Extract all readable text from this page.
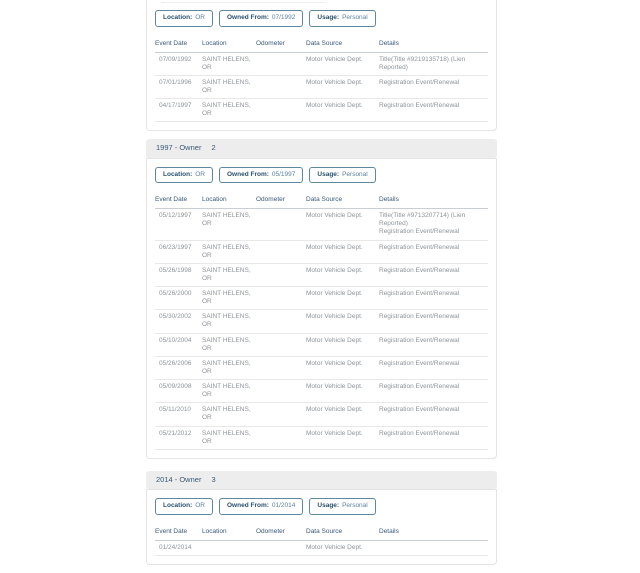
Location: OR	Owned From: 07/1992	Usage: Personal
Event Date	Location	Odometer	Data Source	Details
07/09/1992	SAINT HELENS,
OR		Motor Vehicle Dept.	Title(Title #9219135718) (Lien Reported)

07/01/1996	SAINT HELENS,
OR		Motor Vehicle Dept.	Registration Event/Renewal

04/17/1997	SAINT HELENS,
OR		Motor Vehicle Dept.	Registration Event/Renewal
1997 - Owner 2
Location: OR	Owned From: 05/1997	Usage: Personal
Event Date	Location	Odometer	Data Source	Details
05/12/1997	SAINT HELENS,
OR
		Motor Vehicle Dept.	Title(Title #9713207714) (Lien Reported)
Registration Event/Renewal

06/23/1997	SAINT HELENS,
OR		Motor Vehicle Dept.	Registration Event/Renewal

05/26/1998	SAINT HELENS,
OR		Motor Vehicle Dept.	Registration Event/Renewal

05/26/2000	SAINT HELENS,
OR		Motor Vehicle Dept.	Registration Event/Renewal

05/30/2002	SAINT HELENS,
OR		Motor Vehicle Dept.	Registration Event/Renewal

05/10/2004	SAINT HELENS,
OR		Motor Vehicle Dept.	Registration Event/Renewal

05/26/2006	SAINT HELENS,
OR		Motor Vehicle Dept.	Registration Event/Renewal

05/09/2008	SAINT HELENS,
OR		Motor Vehicle Dept.	Registration Event/Renewal

05/11/2010	SAINT HELENS,
OR		Motor Vehicle Dept.	Registration Event/Renewal

05/21/2012	SAINT HELENS,
OR		Motor Vehicle Dept.	Registration Event/Renewal
2014 - Owner 3
Location: OR	Owned From: 01/2014	Usage: Personal
Event Date	Location	Odometer	Data Source	Details
01/24/2014			Motor Vehicle Dept.	
